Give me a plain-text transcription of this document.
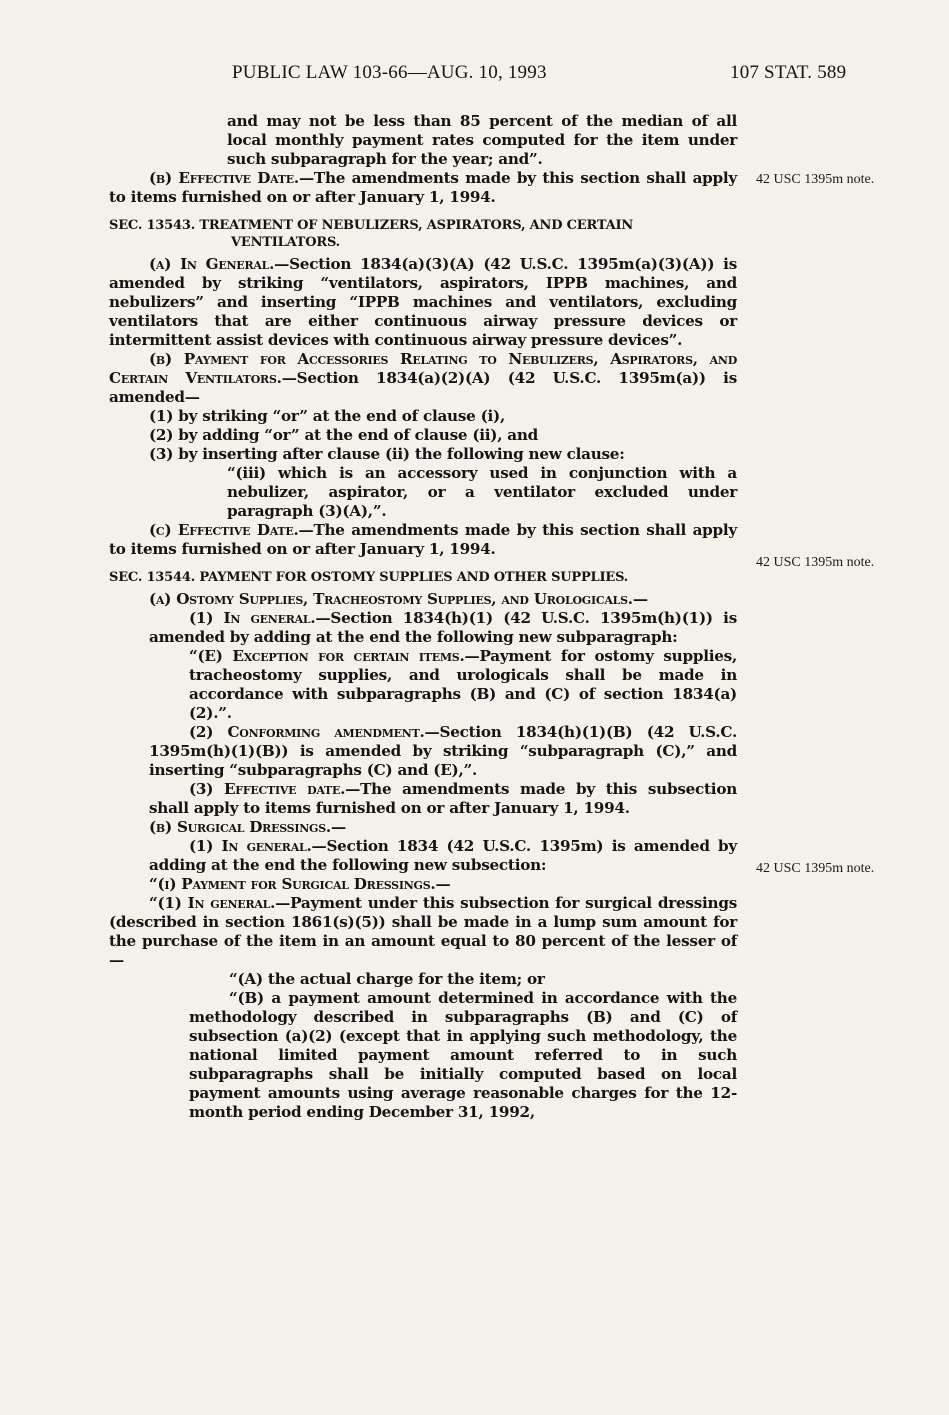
PUBLIC LAW 103-66—AUG. 10, 1993	107 STAT. 589
42 USC 1395m note.
42 USC 1395m note.
42 USC 1395m note.

and may not be less than 85 percent of the median of all local monthly payment rates computed for the item under such subparagraph for the year; and”.

(b) Effective Date.—The amendments made by this section shall apply to items furnished on or after January 1, 1994.

SEC. 13543. TREATMENT OF NEBULIZERS, ASPIRATORS, AND CERTAIN
VENTILATORS.

(a) In General.—Section 1834(a)(3)(A) (42 U.S.C. 1395m(a)(3)(A)) is amended by striking “ventilators, aspirators, IPPB machines, and nebulizers” and inserting “IPPB machines and ventilators, excluding ventilators that are either continuous airway pressure devices or intermittent assist devices with continuous airway pressure devices”.

(b) Payment for Accessories Relating to Nebulizers, Aspirators, and Certain Ventilators.—Section 1834(a)(2)(A) (42 U.S.C. 1395m(a)) is amended—

(1) by striking “or” at the end of clause (i),

(2) by adding “or” at the end of clause (ii), and

(3) by inserting after clause (ii) the following new clause:

“(iii) which is an accessory used in conjunction with a nebulizer, aspirator, or a ventilator excluded under paragraph (3)(A),”.

(c) Effective Date.—The amendments made by this section shall apply to items furnished on or after January 1, 1994.

SEC. 13544. PAYMENT FOR OSTOMY SUPPLIES AND OTHER SUPPLIES.

(a) Ostomy Supplies, Tracheostomy Supplies, and Urologicals.—

(1) In general.—Section 1834(h)(1) (42 U.S.C. 1395m(h)(1)) is amended by adding at the end the following new subparagraph:

“(E) Exception for certain items.—Payment for ostomy supplies, tracheostomy supplies, and urologicals shall be made in accordance with subparagraphs (B) and (C) of section 1834(a)(2).”.

(2) Conforming amendment.—Section 1834(h)(1)(B) (42 U.S.C. 1395m(h)(1)(B)) is amended by striking “subparagraph (C),” and inserting “subparagraphs (C) and (E),”.

(3) Effective date.—The amendments made by this subsection shall apply to items furnished on or after January 1, 1994.

(b) Surgical Dressings.—

(1) In general.—Section 1834 (42 U.S.C. 1395m) is amended by adding at the end the following new subsection:

“(i) Payment for Surgical Dressings.—

“(1) In general.—Payment under this subsection for surgical dressings (described in section 1861(s)(5)) shall be made in a lump sum amount for the purchase of the item in an amount equal to 80 percent of the lesser of—

“(A) the actual charge for the item; or

“(B) a payment amount determined in accordance with the methodology described in subparagraphs (B) and (C) of subsection (a)(2) (except that in applying such methodology, the national limited payment amount referred to in such subparagraphs shall be initially computed based on local payment amounts using average reasonable charges for the 12-month period ending December 31, 1992,
